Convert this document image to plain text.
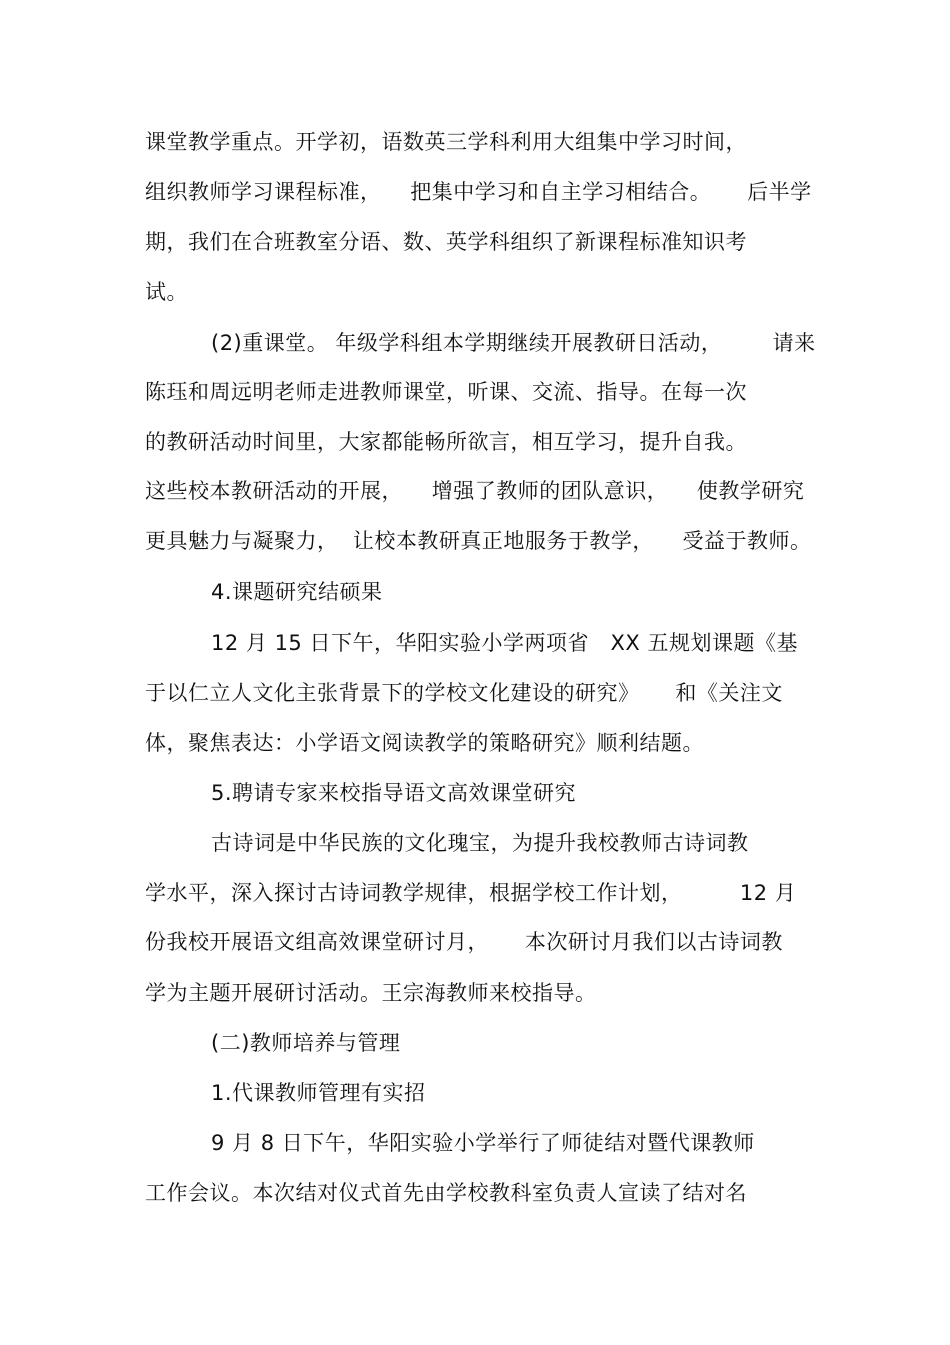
课堂教学重点。开学初，语数英三学科利用大组集中学习时间，
组织教师学习课程标准，    把集中学习和自主学习相结合。     后半学
期，我们在合班教室分语、数、英学科组织了新课程标准知识考
试。
(2)重课堂。 年级学科组本学期继续开展教研日活动，       请来
陈珏和周远明老师走进教师课堂，听课、交流、指导。在每一次
的教研活动时间里，大家都能畅所欲言，相互学习，提升自我。
这些校本教研活动的开展，    增强了教师的团队意识，    使教学研究
更具魅力与凝聚力，  让校本教研真正地服务于教学，    受益于教师。
4.课题研究结硕果
12 月 15 日下午，华阳实验小学两项省   XX 五规划课题《基
于以仁立人文化主张背景下的学校文化建设的研究》     和《关注文
体，聚焦表达：小学语文阅读教学的策略研究》顺利结题。
5.聘请专家来校指导语文高效课堂研究
古诗词是中华民族的文化瑰宝，为提升我校教师古诗词教
学水平，深入探讨古诗词教学规律，根据学校工作计划，        12 月
份我校开展语文组高效课堂研讨月，     本次研讨月我们以古诗词教
学为主题开展研讨活动。王宗海教师来校指导。
(二)教师培养与管理
1.代课教师管理有实招
9 月 8 日下午，华阳实验小学举行了师徒结对暨代课教师
工作会议。本次结对仪式首先由学校教科室负责人宣读了结对名
